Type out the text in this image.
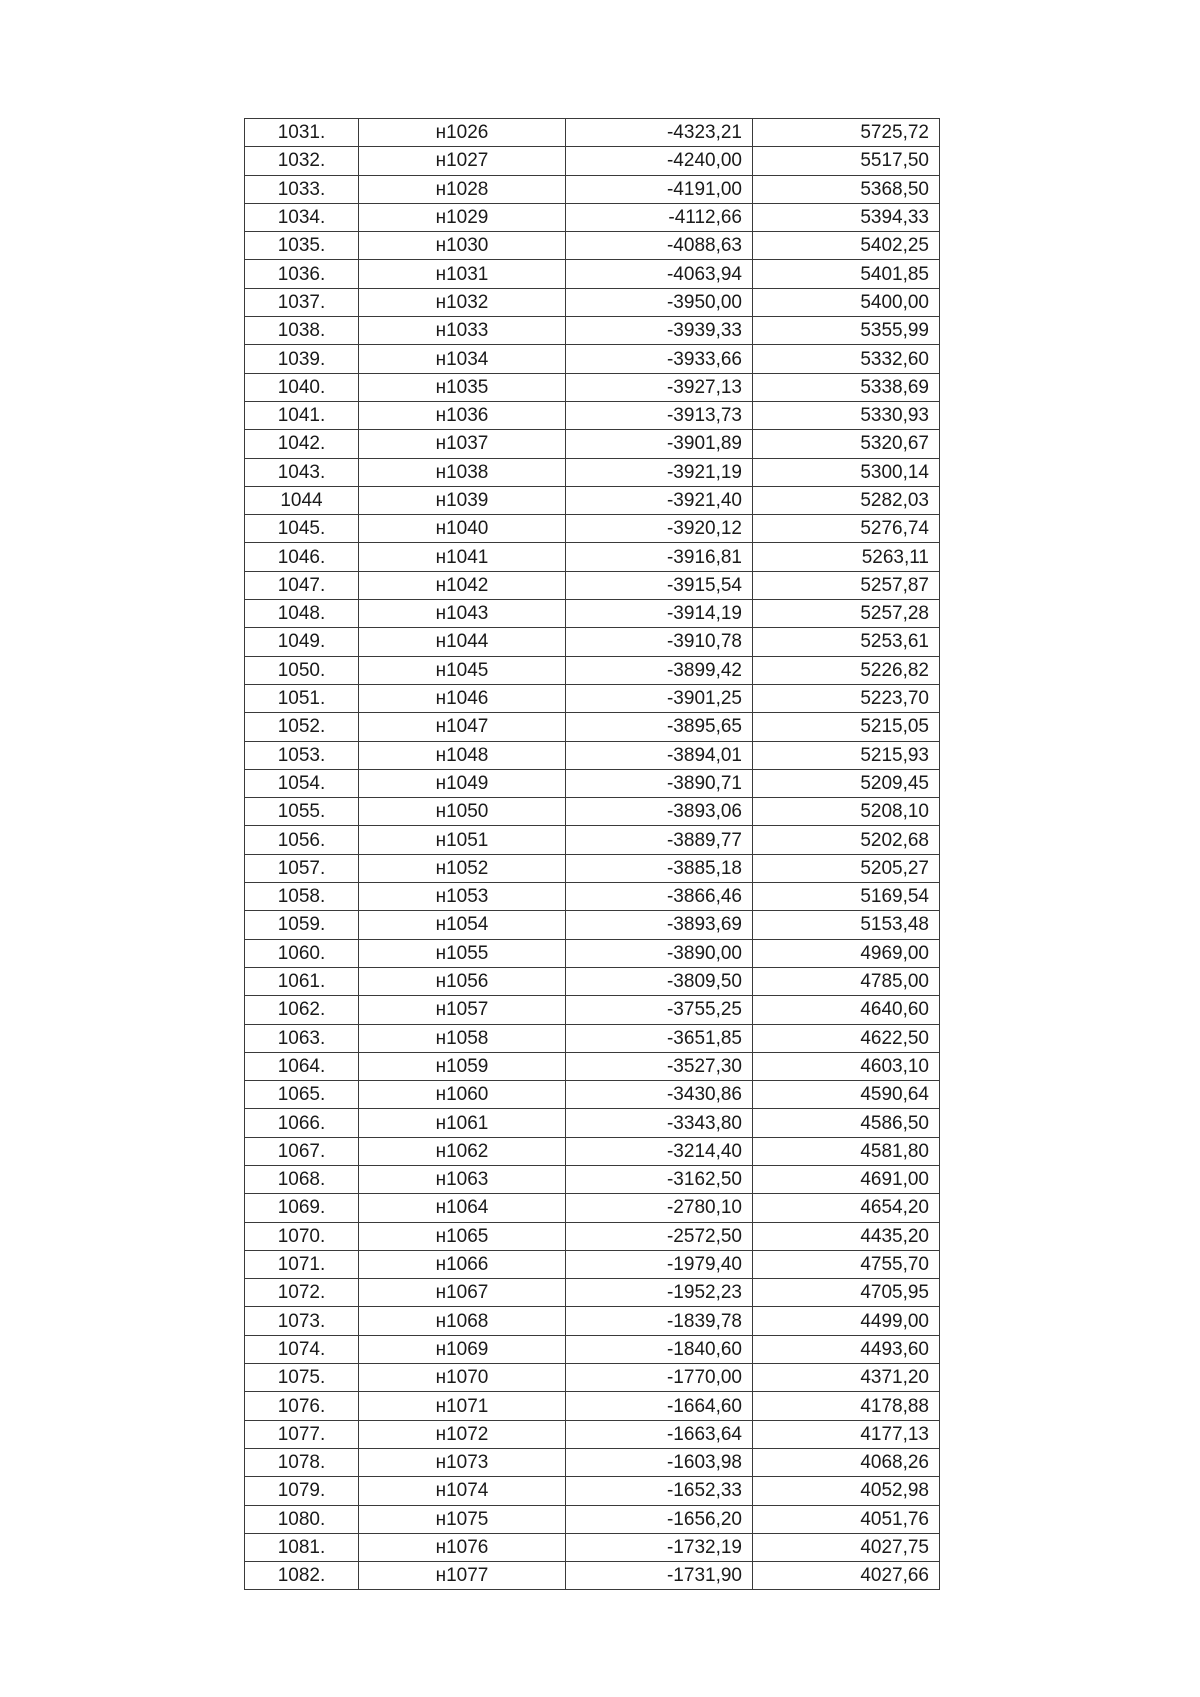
1031.	н1026	-4323,21	5725,72
1032.	н1027	-4240,00	5517,50
1033.	н1028	-4191,00	5368,50
1034.	н1029	-4112,66	5394,33
1035.	н1030	-4088,63	5402,25
1036.	н1031	-4063,94	5401,85
1037.	н1032	-3950,00	5400,00
1038.	н1033	-3939,33	5355,99
1039.	н1034	-3933,66	5332,60
1040.	н1035	-3927,13	5338,69
1041.	н1036	-3913,73	5330,93
1042.	н1037	-3901,89	5320,67
1043.	н1038	-3921,19	5300,14
1044	н1039	-3921,40	5282,03
1045.	н1040	-3920,12	5276,74
1046.	н1041	-3916,81	5263,11
1047.	н1042	-3915,54	5257,87
1048.	н1043	-3914,19	5257,28
1049.	н1044	-3910,78	5253,61
1050.	н1045	-3899,42	5226,82
1051.	н1046	-3901,25	5223,70
1052.	н1047	-3895,65	5215,05
1053.	н1048	-3894,01	5215,93
1054.	н1049	-3890,71	5209,45
1055.	н1050	-3893,06	5208,10
1056.	н1051	-3889,77	5202,68
1057.	н1052	-3885,18	5205,27
1058.	н1053	-3866,46	5169,54
1059.	н1054	-3893,69	5153,48
1060.	н1055	-3890,00	4969,00
1061.	н1056	-3809,50	4785,00
1062.	н1057	-3755,25	4640,60
1063.	н1058	-3651,85	4622,50
1064.	н1059	-3527,30	4603,10
1065.	н1060	-3430,86	4590,64
1066.	н1061	-3343,80	4586,50
1067.	н1062	-3214,40	4581,80
1068.	н1063	-3162,50	4691,00
1069.	н1064	-2780,10	4654,20
1070.	н1065	-2572,50	4435,20
1071.	н1066	-1979,40	4755,70
1072.	н1067	-1952,23	4705,95
1073.	н1068	-1839,78	4499,00
1074.	н1069	-1840,60	4493,60
1075.	н1070	-1770,00	4371,20
1076.	н1071	-1664,60	4178,88
1077.	н1072	-1663,64	4177,13
1078.	н1073	-1603,98	4068,26
1079.	н1074	-1652,33	4052,98
1080.	н1075	-1656,20	4051,76
1081.	н1076	-1732,19	4027,75
1082.	н1077	-1731,90	4027,66
